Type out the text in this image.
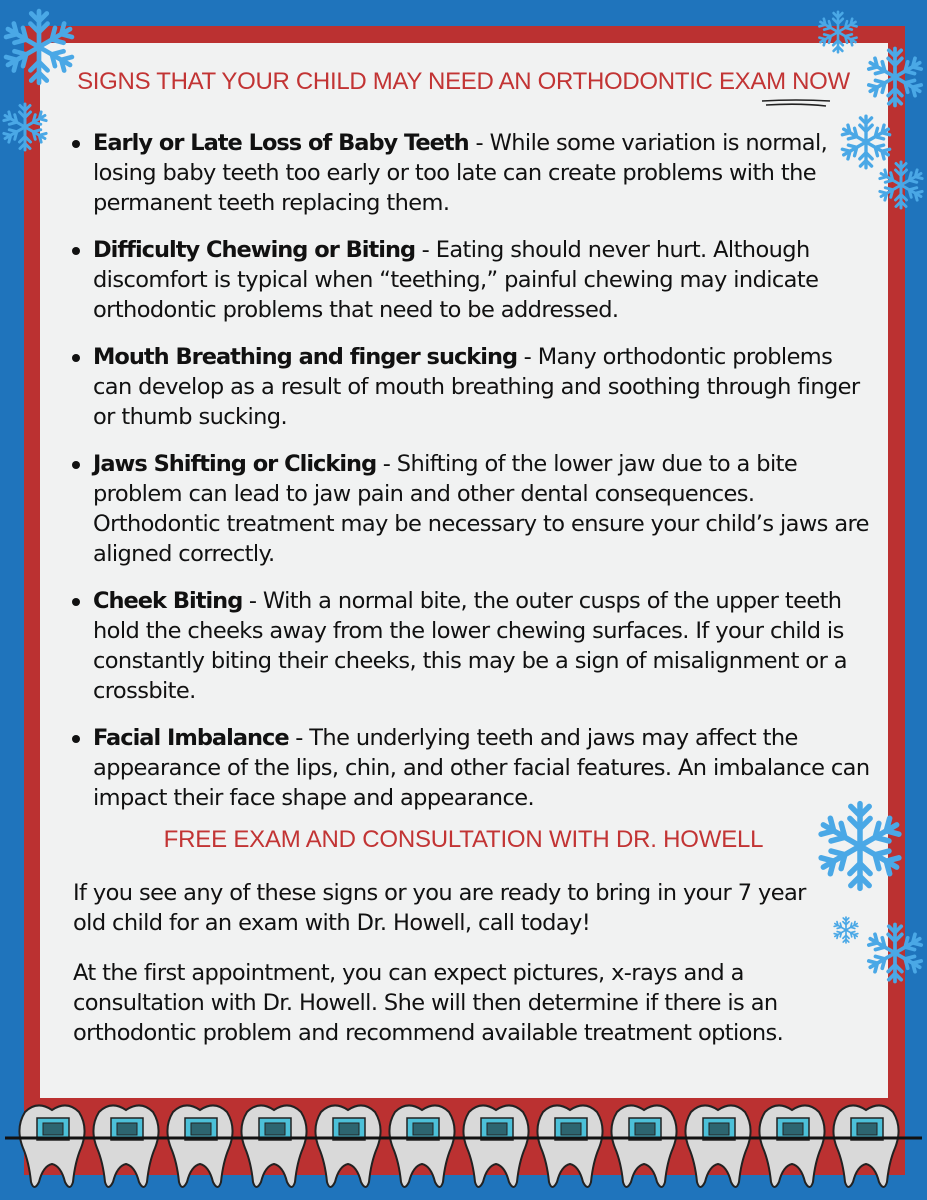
SIGNS THAT YOUR CHILD MAY NEED AN ORTHODONTIC EXAM NOW
Early or Late Loss of Baby Teeth - While some variation is normal, losing baby teeth too early or too late can create problems with the permanent teeth replacing them.
Difficulty Chewing or Biting - Eating should never hurt. Although discomfort is typical when “teething,” painful chewing may indicate orthodontic problems that need to be addressed.
Mouth Breathing and finger sucking - Many orthodontic problems can develop as a result of mouth breathing and soothing through finger or thumb sucking.
Jaws Shifting or Clicking - Shifting of the lower jaw due to a bite problem can lead to jaw pain and other dental consequences. Orthodontic treatment may be necessary to ensure your child’s jaws are aligned correctly.
Cheek Biting - With a normal bite, the outer cusps of the upper teeth hold the cheeks away from the lower chewing surfaces. If your child is constantly biting their cheeks, this may be a sign of misalignment or a crossbite.
Facial Imbalance - The underlying teeth and jaws may affect the appearance of the lips, chin, and other facial features. An imbalance can impact their face shape and appearance.
FREE EXAM AND CONSULTATION WITH DR. HOWELL

If you see any of these signs or you are ready to bring in your 7 year old child for an exam with Dr. Howell, call today!

At the first appointment, you can expect pictures, x-rays and a consultation with Dr. Howell. She will then determine if there is an orthodontic problem and recommend available treatment options.
